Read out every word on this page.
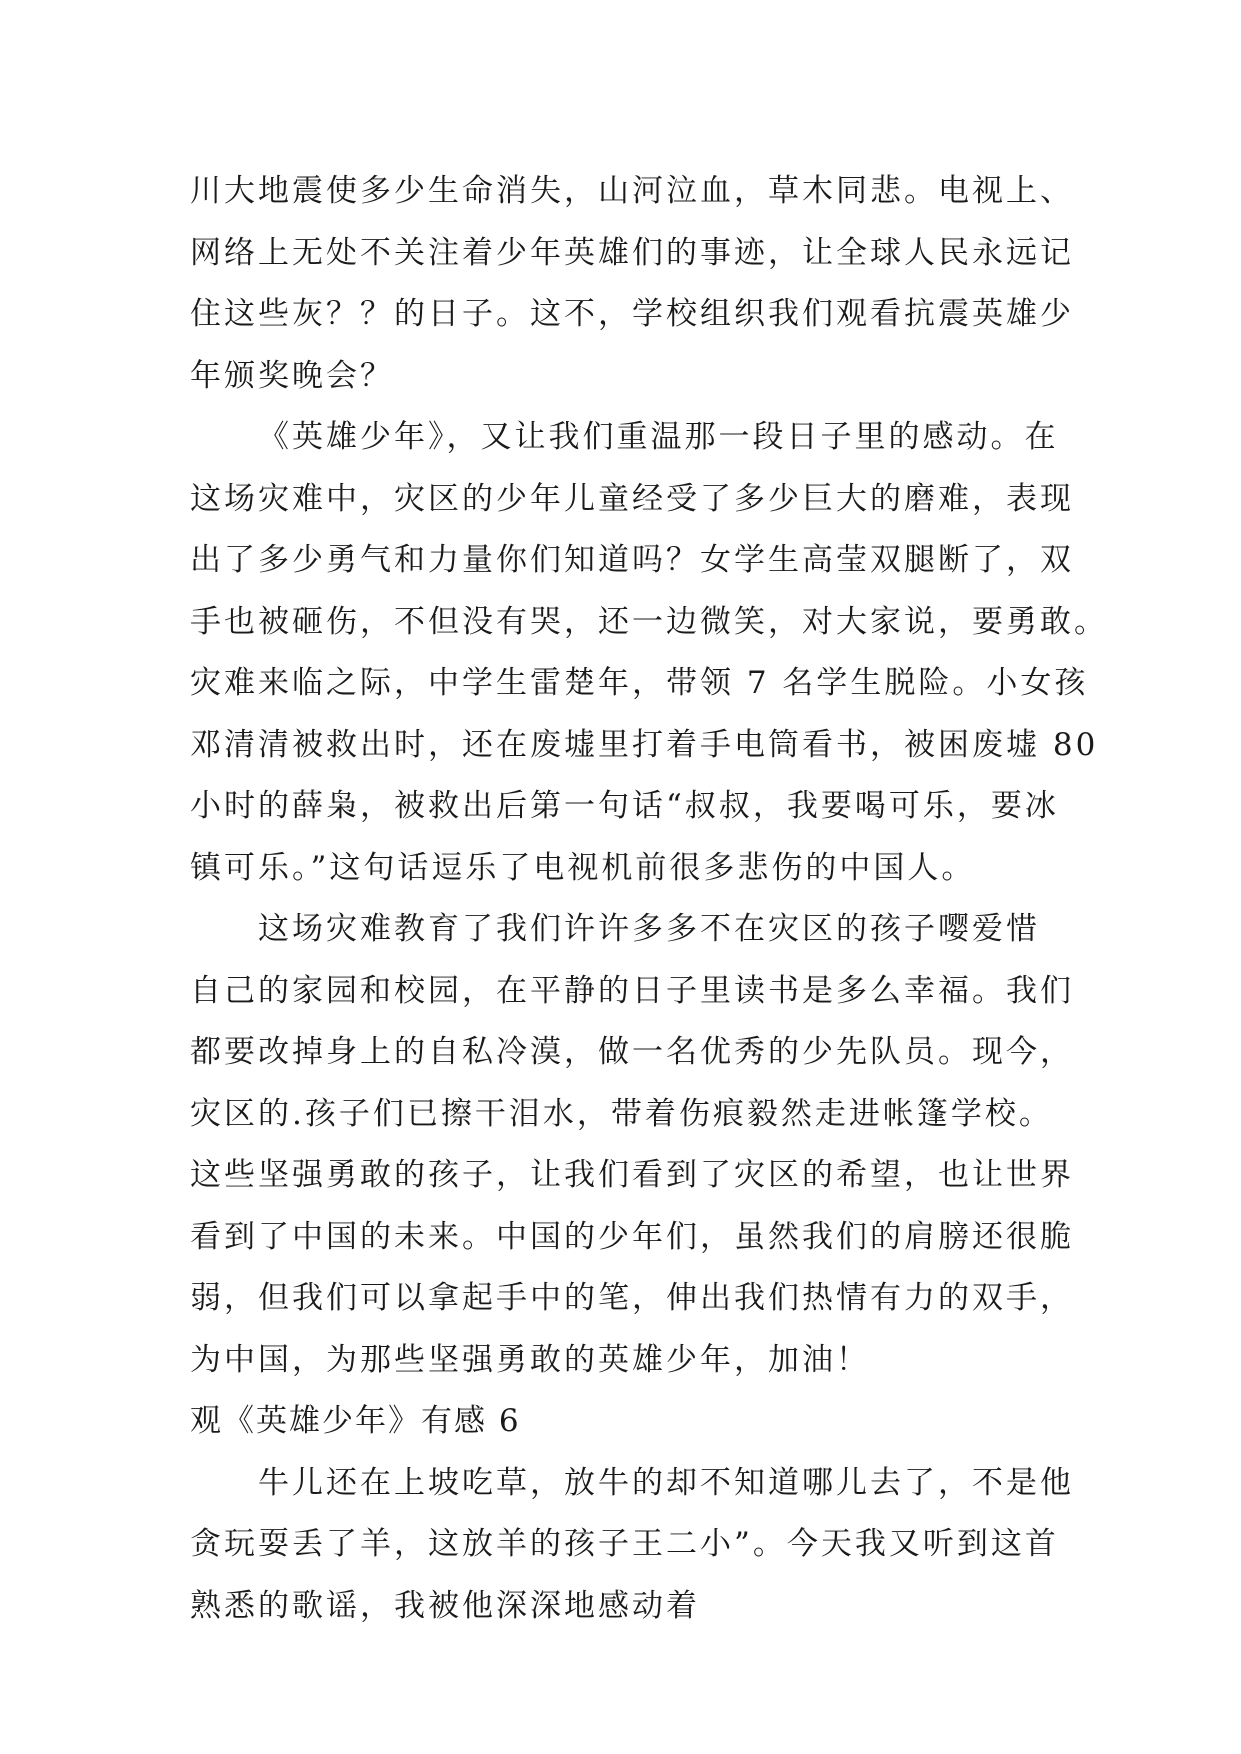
川大地震使多少生命消失，山河泣血，草木同悲。电视上、
网络上无处不关注着少年英雄们的事迹，让全球人民永远记
住这些灰？？的日子。这不，学校组织我们观看抗震英雄少
年颁奖晚会？
《英雄少年》，又让我们重温那一段日子里的感动。在
这场灾难中，灾区的少年儿童经受了多少巨大的磨难，表现
出了多少勇气和力量你们知道吗？女学生高莹双腿断了，双
手也被砸伤，不但没有哭，还一边微笑，对大家说，要勇敢。
灾难来临之际，中学生雷楚年，带领 7 名学生脱险。小女孩
邓清清被救出时，还在废墟里打着手电筒看书，被困废墟 80
小时的薛枭，被救出后第一句话“叔叔，我要喝可乐，要冰
镇可乐。”这句话逗乐了电视机前很多悲伤的中国人。
这场灾难教育了我们许许多多不在灾区的孩子嘤爱惜
自己的家园和校园，在平静的日子里读书是多么幸福。我们
都要改掉身上的自私冷漠，做一名优秀的少先队员。现今，
灾区的.孩子们已擦干泪水，带着伤痕毅然走进帐篷学校。
这些坚强勇敢的孩子，让我们看到了灾区的希望，也让世界
看到了中国的未来。中国的少年们，虽然我们的肩膀还很脆
弱，但我们可以拿起手中的笔，伸出我们热情有力的双手，
为中国，为那些坚强勇敢的英雄少年，加油！
观《英雄少年》有感 6
牛儿还在上坡吃草，放牛的却不知道哪儿去了，不是他
贪玩耍丢了羊，这放羊的孩子王二小”。今天我又听到这首
熟悉的歌谣，我被他深深地感动着
